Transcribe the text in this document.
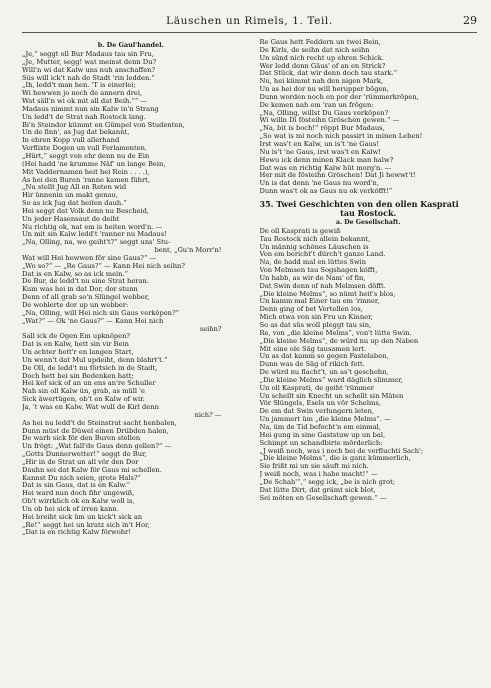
Läuschen un Rimels, 1. Teil.	29
b. De Gaul'handel.
„Je,“ seggt oll Bur Madaus tau sin Fru,
„Je, Mutter, segg! wat meinst denn Du?
Will'n wi dat Kalw uns nuh anschaffen?
Süs will ick't nah de Stadt 'rin ledden.“
„Ih, ledd't man hen. 'T is einerlei;
Wi hewwen jo noch de annern drei,
Wat säll'n wi ok mit all dat Beih.““ —
Madaus nimmt nun sin Kalw in'n Strang
Un ledd't de Strat nah Rostock lang.
Bi'n Steindor kümmt en Gümpel von Studenten,
Un de finn', as Jug dat bekannt,
In ehren Kopp vull allerhand
Verflixte Dogen un vull Ferlamenten.
„Hürt,“ seggt von ehr denn nu de Ein
(Hei hadd 'ne krumme Näf' un lange Bein,
Mit Vaddernamen heit hei Rein . . . .),
As hei den Buren 'ranne kamen führt,
„Nu stellt Jug All en Reten wid
Hir ünnenin un makt genau,
So as ick Jug dat heiten dauh.“
Hei seggt dat Volk denn nu Bescheid,
Un jeder Hasensaut de deiht
Nu richtig ok, nat em is heiten word'n. —
Un mit sin Kalw ledd't 'ranner nu Madaus!
„Na, Olling, na, wo geiht't?“ seggt uns' Stu-
bent, „Gu'n Morr'n!
Wat will Hei hewwen för sine Gaus?“ —
„Wo so?“ — „Re Gaus?“ — Kann Hei nich seihn?
Dat is en Kalw, so as ick mein.“
De Bur, de ledd't nu sine Strat heran.
Kum was hei in dat Dor, dor stunn
Denn of all grab so'n Slüngel webber,
De wohlerte dor up un webber:
„Na, Olling, will Hei nich sin Gaus verköpen?“
„Wat?“ — Ok 'ne Gaus?“ — Kann Hei nich
seihn?
Sall ick de Ogen Em upknöpen?
Dat is en Kalw, hett sin vir Bein
Un achter hett'r en langen Start,
Un wenn't dat Mul updeiht, denn blahrt't.“
De Oll, de ledd't nu förtsich in de Stadt,
Doch hett hei sin Bedenken hatt;
Hei kef sick of an un ens an're Schuller
Nah sin oll Kalw ün, grab, as müll 'e
Sick äwertügen, ob't en Kalw of wir.
Ja, 't was en Kalw. Wat wull de Kirl denn
nich? —
As hei nu ledd't de Steinstrat sacht henbalen,
Dunn müst de Düwel einen Drübden halen,
De warb sick för den Buren stellen
Un frögt: „Wat fall'de Gaus denn gellen?“ —
„Gotts Dunnerwetter!“ seggt de Bur,
„Hir in de Strat un all vör den Dor
Dauhn sei dat Kalw för Gaus mi schellen.
Kannst Du nich seien, grote Hals?“
Dat is sin Gaus, dat is en Kalw.“
Hei ward nun doch fihr ungewiß,
Ob't wirrklich ok en Kalw woll is,
Un ob hei sick of irren kann.
Hei breiht sick üm un kick't sick an
„Re!“ seggt hei un kratz sich in't Hor,
„Dat is en richtig Kalw förwohr!
Re Gaus hett Feddern un twei Bein,
De Kirls, de seihn dat nich seihn
Un sünd nich recht up ehren Schick.
Wer ledd denn Gäus' of an en Strick?
Dat Stück, dat wir denn doch tau stark.“
Nu, hei kümmt nah den nigen Mark,
Un as hei dor nu will herupper bögen,
Dunn worden noch en por der 'rümmerkröpen,
De kemen nah em 'ran un frögen:
„Na, Olling, willst Du Gaus verköpen?
Wi willn Di fösteihn Gröschen gewen.“ —
„Na, bit is boch!“ röppt Bur Madaus,
„So wat is mi noch nich passirt in minen Leben!
Irst was't en Kalw, un is't 'ne Gaus!
Nu is't 'ne Gaus, irst was't en Kalw!
Hewu ick denn minen Klack man halw?
Dat was en richtig Kalw hüt morg'n. —
Her mit de fösteihn Gröschen! Dat Ji hewwt't!
Un is dat denn 'ne Gaus nu word'n,
Dunn was't ok as Gaus nu ok verköfft!“
35. Twei Geschichten von den ollen Kasprati
tau Rostock.
a. De Gesellschaft.
De oll Kasprati is gewiß
Tau Rostock nich allein bekannt,
Un männig schönes Läuschen is
Von em bericht't dürch't ganze Land.
Na, de hadd mal en lüttes Swin
Von Melmsen tau Sogshagen köfft,
Un habb, as wir de Nam' of fin,
Dat Swin denn of nah Melmsen döfft.
„Die kleine Melms“, so nümt heit's blos,
Un kamm mal Einer tau em 'rinner,
Denn ging of bet Vertellen los,
Mich etwa von sin Fru un Kinner,
So as dat süs woll pleggt tau sin,
Re, von „die kleine Melms“, von't lütte Swin.
„Die kleine Melms“, de würd nu up den Naben
Mit eine ole Säg tausamen lert.
Un as dat kamm so gegen Fastelaben,
Dunn was de Säg of rikich fett.
De würd nu flacht't, un as't geschehn,
„Die kleine Melms“ ward däglich slimmer,
Un oll Kasprati, de geiht 'rümmer
Un schellt sin Knecht un schellt sin Mäten
Vör Slüngels, Esels un vör Schelms,
De em dat Swin verlungern leten,
Un jammert üm „die kleine Melms“. —
Na, üm de Tid befocht'n em einmal,
Hei gung in sine Gaststuw up un bal,
Schimpt un schandbirte mörderlich:
„J weiß noch, was i noch bei de verfluchti Sach';
„Die kleine Melms“, die is ganz kümmerlich,
Sie frißt mi un sie säuft mi nich.
J weiß noch, was i habe macht!“ —
„De Schab'“,“ segg ick, „be is nich grot;
Dat lütte Dirt, dat grämt sick blot,
Sei möten en Gesellschaft gewen.“ —
